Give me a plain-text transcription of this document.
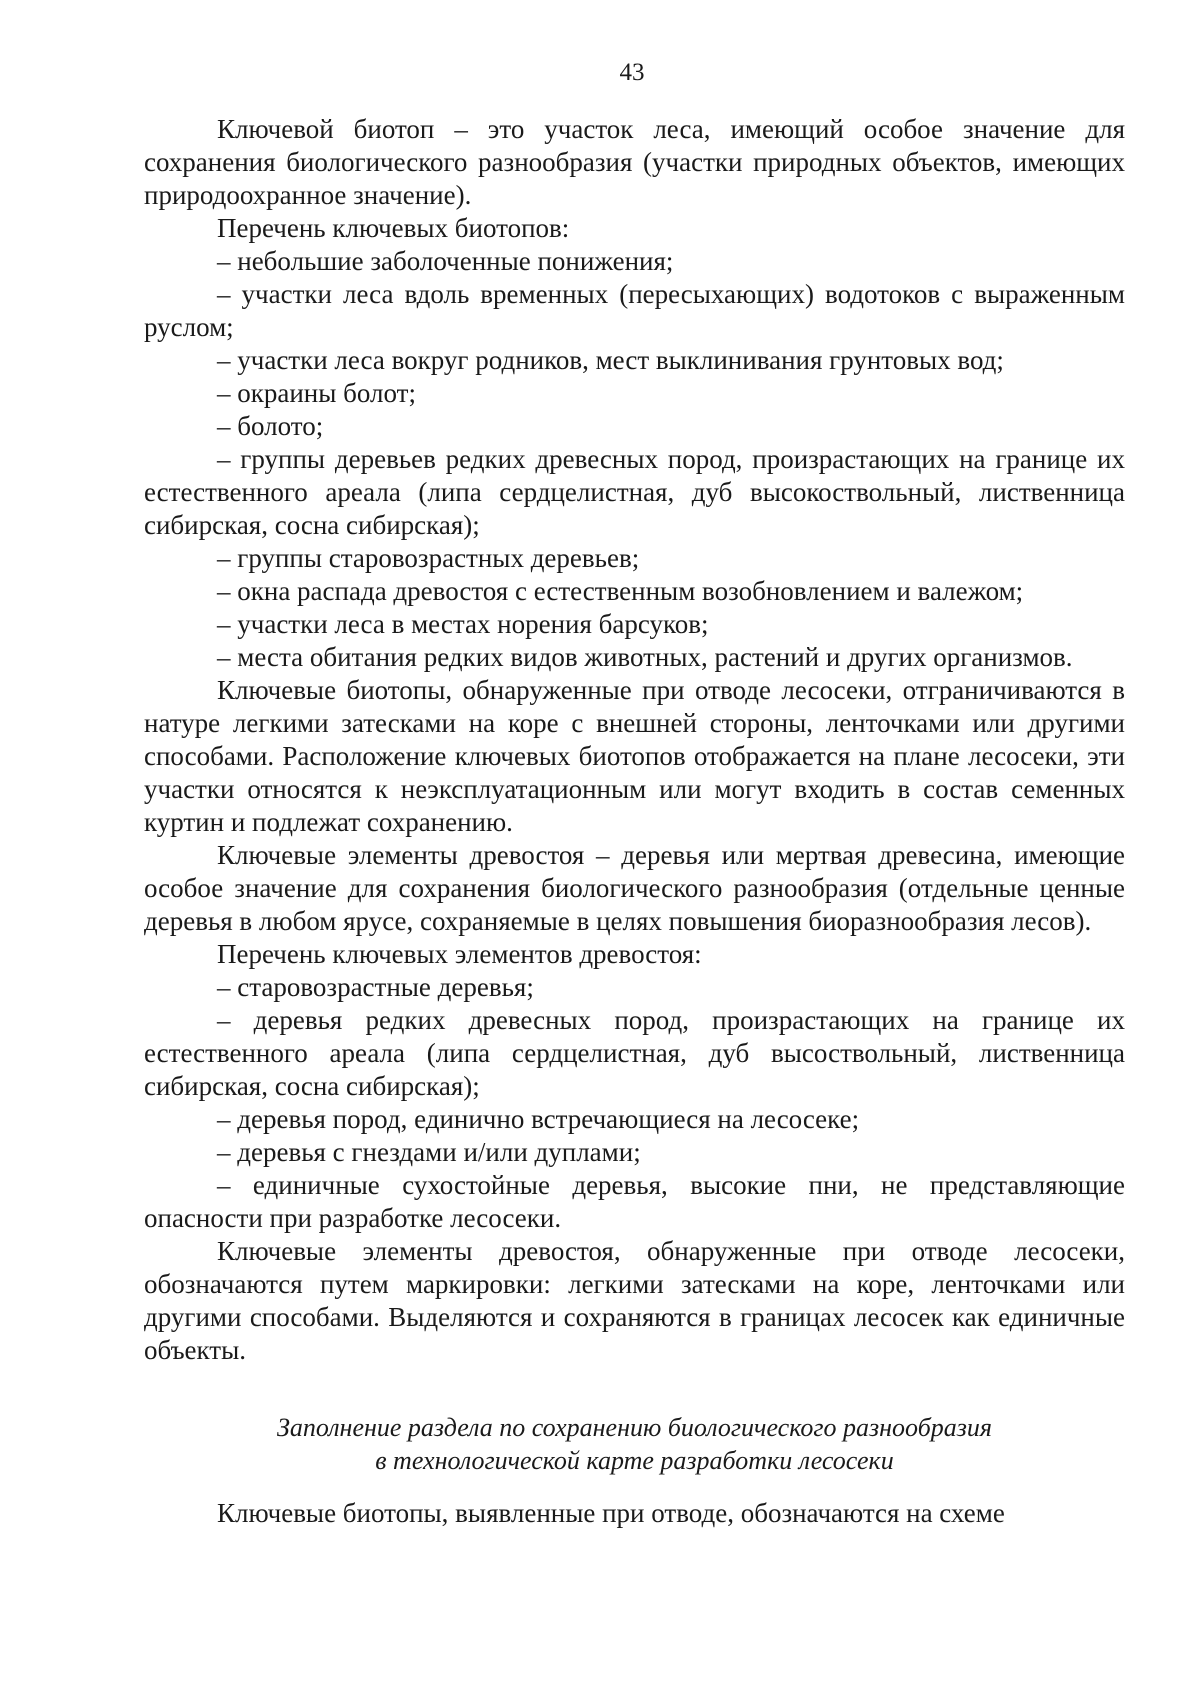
43

Ключевой биотоп – это участок леса, имеющий особое значение для сохранения биологического разнообразия (участки природных объектов, имеющих природоохранное значение).

Перечень ключевых биотопов:

– небольшие заболоченные понижения;

– участки леса вдоль временных (пересыхающих) водотоков с выраженным руслом;

– участки леса вокруг родников, мест выклинивания грунтовых вод;

– окраины болот;

– болото;

– группы деревьев редких древесных пород, произрастающих на границе их естественного ареала (липа сердцелистная, дуб высокоствольный, лиственница сибирская, сосна сибирская);

– группы старовозрастных деревьев;

– окна распада древостоя с естественным возобновлением и валежом;

– участки леса в местах норения барсуков;

– места обитания редких видов животных, растений и других организмов.

Ключевые биотопы, обнаруженные при отводе лесосеки, отграничиваются в натуре легкими затесками на коре с внешней стороны, ленточками или другими способами. Расположение ключевых биотопов отображается на плане лесосеки, эти участки относятся к неэксплуатационным или могут входить в состав семенных куртин и подлежат сохранению.

Ключевые элементы древостоя – деревья или мертвая древесина, имеющие особое значение для сохранения биологического разнообразия (отдельные ценные деревья в любом ярусе, сохраняемые в целях повышения биоразнообразия лесов).

Перечень ключевых элементов древостоя:

– старовозрастные деревья;

– деревья редких древесных пород, произрастающих на границе их естественного ареала (липа сердцелистная, дуб высоствольный, лиственница сибирская, сосна сибирская);

– деревья пород, единично встречающиеся на лесосеке;

– деревья с гнездами и/или дуплами;

– единичные сухостойные деревья, высокие пни, не представляющие опасности при разработке лесосеки.

Ключевые элементы древостоя, обнаруженные при отводе лесосеки, обозначаются путем маркировки: легкими затесками на коре, ленточками или другими способами. Выделяются и сохраняются в границах лесосек как единичные объекты.

Заполнение раздела по сохранению биологического разнообразия
в технологической карте разработки лесосеки

Ключевые биотопы, выявленные при отводе, обозначаются на схеме
